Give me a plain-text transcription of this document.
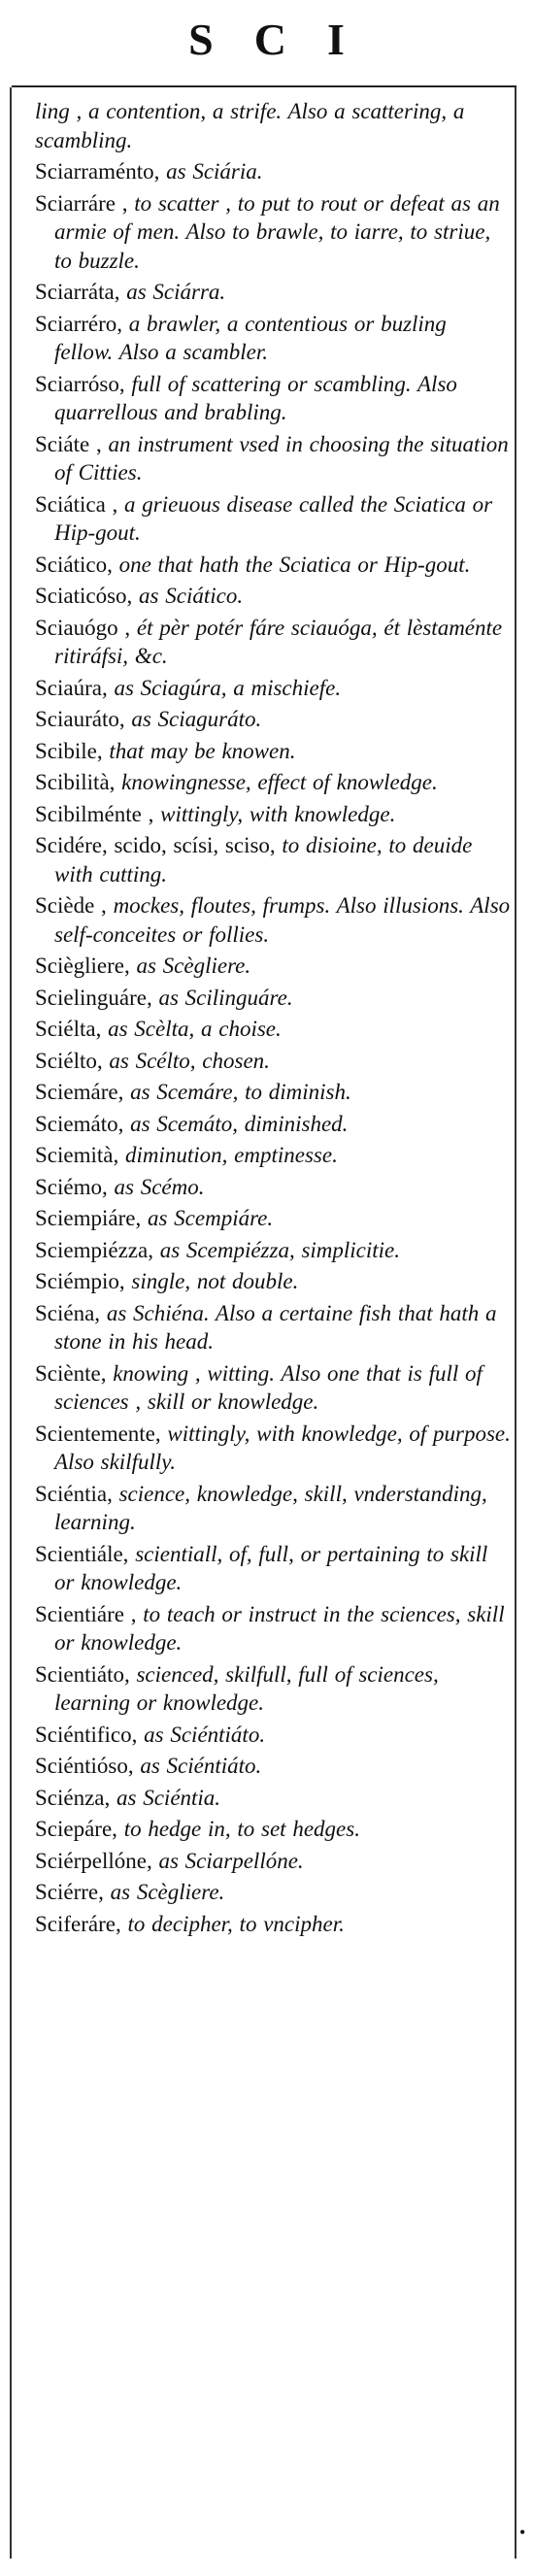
SCI
ling , a contention, a strife. Also a scattering, a scambling.
Sciarraménto, as Sciária.
Sciarráre , to scatter , to put to rout or defeat as an armie of men. Also to brawle, to iarre, to striue, to buzzle.
Sciarráta, as Sciárra.
Sciarréro, a brawler, a contentious or buzling fellow. Also a scambler.
Sciarróso, full of scattering or scambling. Also quarrellous and brabling.
Sciáte , an instrument vsed in choosing the situation of Citties.
Sciática , a grieuous disease called the Sciatica or Hip-gout.
Sciático, one that hath the Sciatica or Hip-gout.
Sciaticóso, as Sciático.
Sciauógo , ét pèr potér fáre sciauóga, ét lèstaménte ritiráfsi, &c.
Sciaúra, as Sciagúra, a mischiefe.
Sciauráto, as Sciaguráto.
Scibile, that may be knowen.
Scibilità, knowingnesse, effect of knowledge.
Scibilménte , wittingly, with knowledge.
Scidére, scido, scísi, sciso, to disioine, to deuide with cutting.
Sciède , mockes, floutes, frumps. Also illusions. Also self-conceites or follies.
Sciègliere, as Scègliere.
Scielinguáre, as Scilinguáre.
Sciélta, as Scèlta, a choise.
Sciélto, as Scélto, chosen.
Sciemáre, as Scemáre, to diminish.
Sciemáto, as Scemáto, diminished.
Sciemità, diminution, emptinesse.
Sciémo, as Scémo.
Sciempiáre, as Scempiáre.
Sciempiézza, as Scempiézza, simplicitie.
Sciémpio, single, not double.
Sciéna, as Schiéna. Also a certaine fish that hath a stone in his head.
Sciènte, knowing , witting. Also one that is full of sciences , skill or knowledge.
Scientemente, wittingly, with knowledge, of purpose. Also skilfully.
Sciéntia, science, knowledge, skill, vnderstanding, learning.
Scientiále, scientiall, of, full, or pertaining to skill or knowledge.
Scientiáre , to teach or instruct in the sciences, skill or knowledge.
Scientiáto, scienced, skilfull, full of sciences, learning or knowledge.
Sciéntifico, as Sciéntiáto.
Sciéntióso, as Sciéntiáto.
Sciénza, as Sciéntia.
Sciepáre, to hedge in, to set hedges.
Sciérpellóne, as Sciarpellóne.
Sciérre, as Scègliere.
Sciferáre, to decipher, to vncipher.
•
